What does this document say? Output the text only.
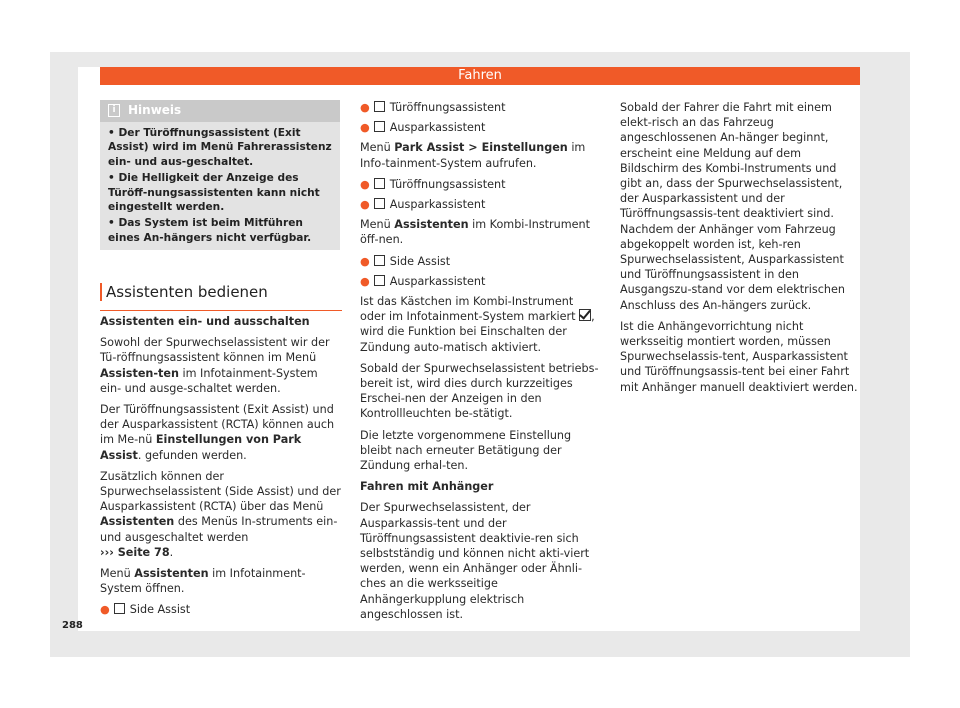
Fahren
i	Hinweis
• Der Türöffnungsassistent (Exit Assist) wird im Menü Fahrerassistenz ein- und aus-geschaltet.
• Die Helligkeit der Anzeige des Türöff-nungsassistenten kann nicht eingestellt werden.
• Das System ist beim Mitführen eines An-hängers nicht verfügbar.
Assistenten bedienen

Assistenten ein- und ausschalten

Sowohl der Spurwechselassistent wir der Tü-röffnungsassistent können im Menü Assisten-ten im Infotainment-System ein- und ausge-schaltet werden.

Der Türöffnungsassistent (Exit Assist) und der Ausparkassistent (RCTA) können auch im Me-nü Einstellungen von Park Assist. gefunden werden.

Zusätzlich können der Spurwechselassistent (Side Assist) und der Ausparkassistent (RCTA) über das Menü Assistenten des Menüs In-struments ein- und ausgeschaltet werden
››› Seite 78.

Menü Assistenten im Infotainment-System öffnen.

● Side Assist
● Türöffnungsassistent
● Ausparkassistent

Menü Park Assist > Einstellungen im Info-tainment-System aufrufen.

● Türöffnungsassistent
● Ausparkassistent

Menü Assistenten im Kombi-Instrument öff-nen.

● Side Assist
● Ausparkassistent

Ist das Kästchen im Kombi-Instrument oder im Infotainment-System markiert , wird die Funktion bei Einschalten der Zündung auto-matisch aktiviert.

Sobald der Spurwechselassistent betriebs-bereit ist, wird dies durch kurzzeitiges Erschei-nen der Anzeigen in den Kontrollleuchten be-stätigt.

Die letzte vorgenommene Einstellung bleibt nach erneuter Betätigung der Zündung erhal-ten.

Fahren mit Anhänger

Der Spurwechselassistent, der Ausparkassis-tent und der Türöffnungsassistent deaktivie-ren sich selbstständig und können nicht akti-viert werden, wenn ein Anhänger oder Ähnli-ches an die werksseitige Anhängerkupplung elektrisch angeschlossen ist.

Sobald der Fahrer die Fahrt mit einem elekt-risch an das Fahrzeug angeschlossenen An-hänger beginnt, erscheint eine Meldung auf dem Bildschirm des Kombi-Instruments und gibt an, dass der Spurwechselassistent, der Ausparkassistent und der Türöffnungsassis-tent deaktiviert sind. Nachdem der Anhänger vom Fahrzeug abgekoppelt worden ist, keh-ren Spurwechselassistent, Ausparkassistent und Türöffnungsassistent in den Ausgangszu-stand vor dem elektrischen Anschluss des An-hängers zurück.

Ist die Anhängevorrichtung nicht werksseitig montiert worden, müssen Spurwechselassis-tent, Ausparkassistent und Türöffnungsassis-tent bei einer Fahrt mit Anhänger manuell deaktiviert werden.

288
